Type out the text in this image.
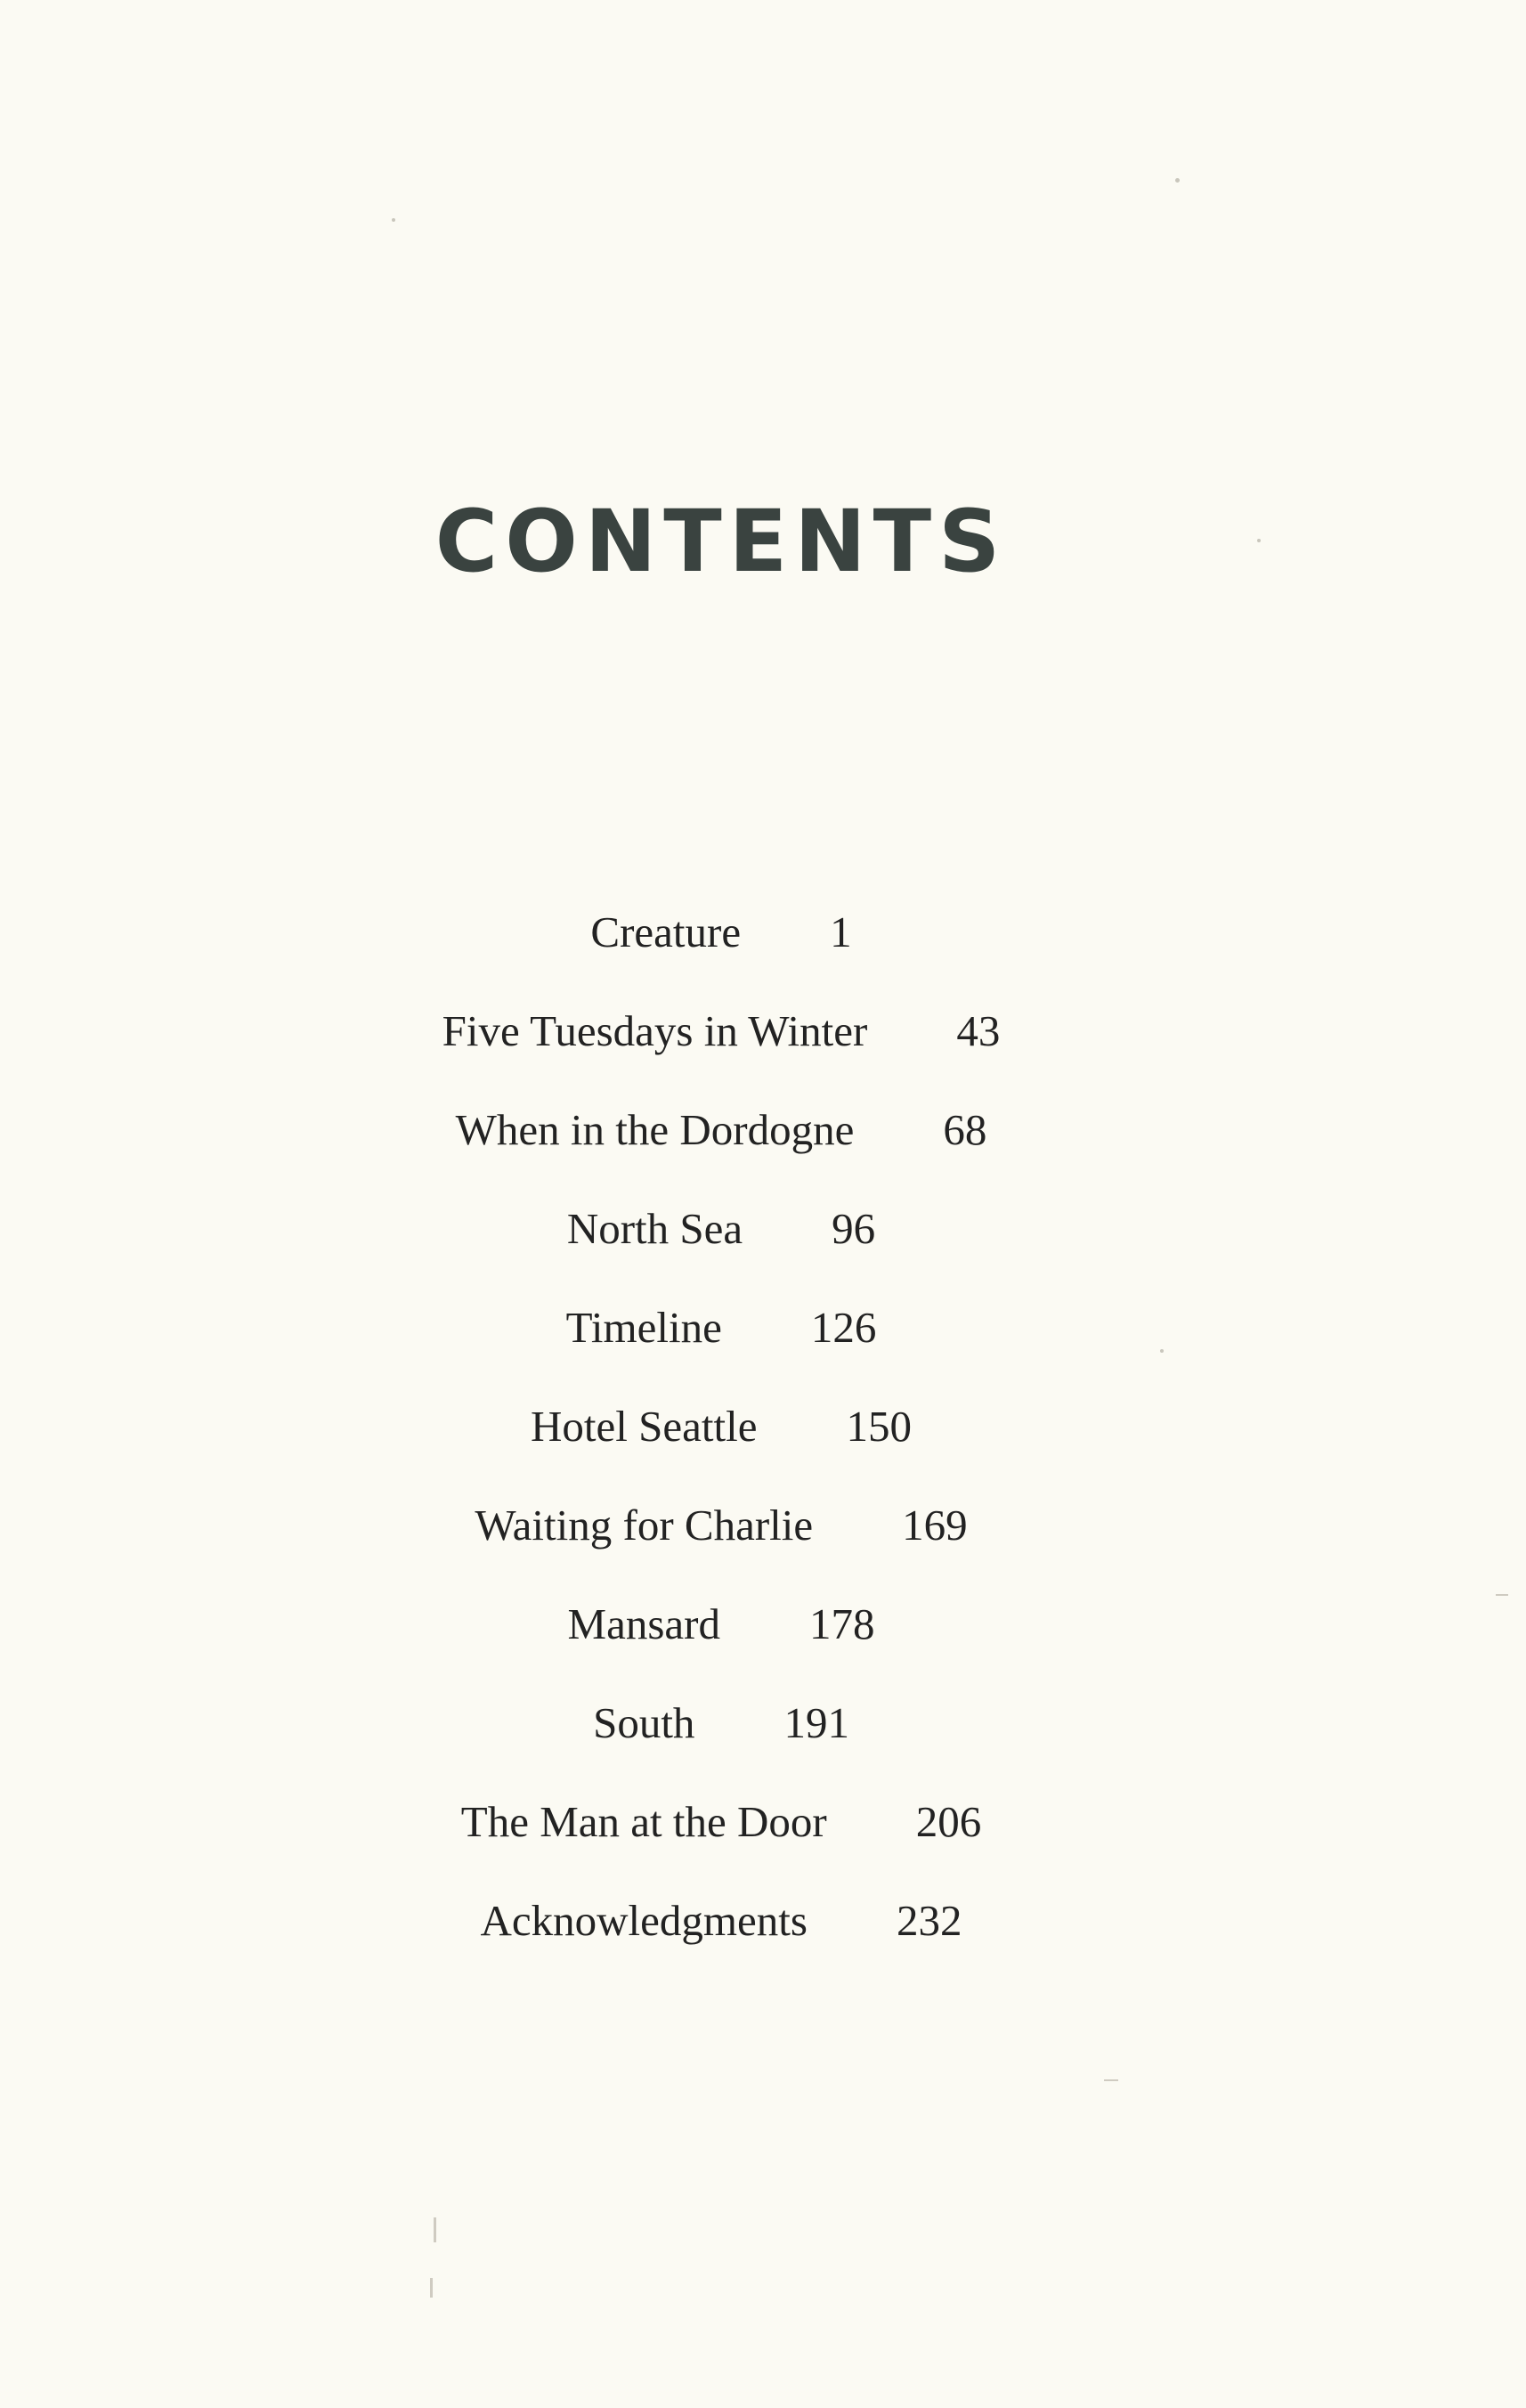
CONTENTS
Creature 1
Five Tuesdays in Winter 43
When in the Dordogne 68
North Sea 96
Timeline 126
Hotel Seattle 150
Waiting for Charlie 169
Mansard 178
South 191
The Man at the Door 206
Acknowledgments 232
